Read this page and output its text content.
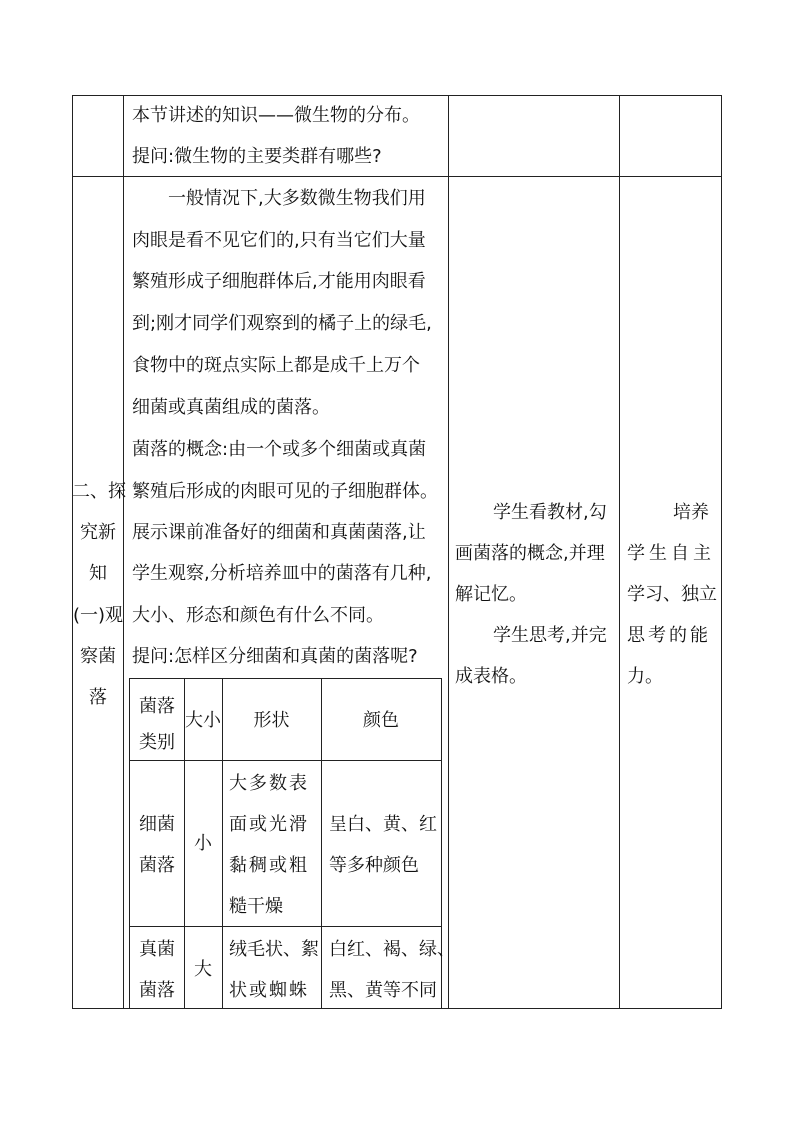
本节讲述的知识——微生物的分布。
提问:微生物的主要类群有哪些?
二、探
究新
知
(一)观
察菌
落
一般情况下,大多数微生物我们用
肉眼是看不见它们的,只有当它们大量
繁殖形成子细胞群体后,才能用肉眼看
到;刚才同学们观察到的橘子上的绿毛,
食物中的斑点实际上都是成千上万个
细菌或真菌组成的菌落。
菌落的概念:由一个或多个细菌或真菌
繁殖后形成的肉眼可见的子细胞群体。
展示课前准备好的细菌和真菌菌落,让
学生观察,分析培养皿中的菌落有几种,
大小、形态和颜色有什么不同。
提问:怎样区分细菌和真菌的菌落呢?
学生看教材,勾
画菌落的概念,并理
解记忆。
学生思考,并完
成表格。
培养
学生自主
学习、独立
思考的能
力。
菌落
类别
大小	形状	颜色
细菌
菌落
小
大多数表
面或光滑
黏稠或粗
糙干燥
呈白、黄、红
等多种颜色
真菌
菌落
大
绒毛状、絮
状或蜘蛛
白红、褐、绿、
黑、黄等不同
